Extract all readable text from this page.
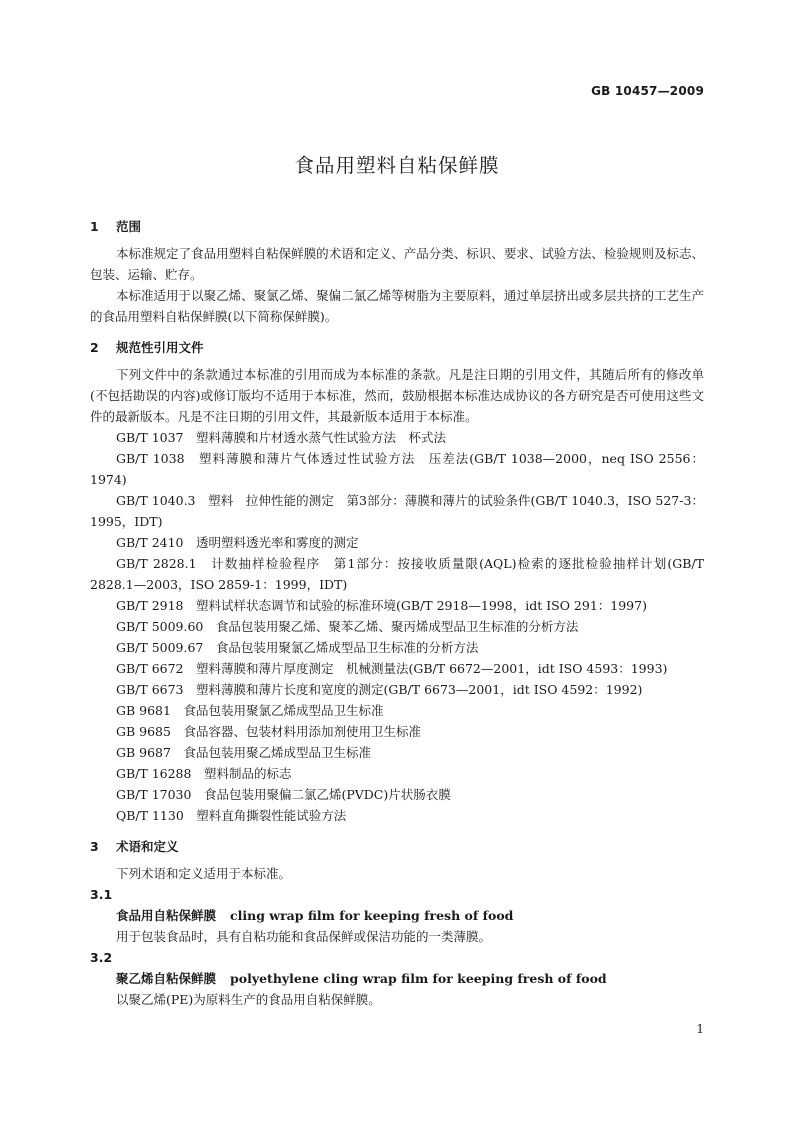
GB 10457—2009
食品用塑料自粘保鲜膜

1 范围

本标准规定了食品用塑料自粘保鲜膜的术语和定义、产品分类、标识、要求、试验方法、检验规则及标志、包装、运输、贮存。

本标准适用于以聚乙烯、聚氯乙烯、聚偏二氯乙烯等树脂为主要原料，通过单层挤出或多层共挤的工艺生产的食品用塑料自粘保鲜膜(以下简称保鲜膜)。

2 规范性引用文件

下列文件中的条款通过本标准的引用而成为本标准的条款。凡是注日期的引用文件，其随后所有的修改单(不包括勘误的内容)或修订版均不适用于本标准，然而，鼓励根据本标准达成协议的各方研究是否可使用这些文件的最新版本。凡是不注日期的引用文件，其最新版本适用于本标准。

GB/T 1037　塑料薄膜和片材透水蒸气性试验方法　杯式法

GB/T 1038　塑料薄膜和薄片气体透过性试验方法　压差法(GB/T 1038—2000，neq ISO 2556：1974)

GB/T 1040.3　塑料　拉伸性能的测定　第3部分：薄膜和薄片的试验条件(GB/T 1040.3，ISO 527-3：1995，IDT)

GB/T 2410　透明塑料透光率和雾度的测定

GB/T 2828.1　计数抽样检验程序　第1部分：按接收质量限(AQL)检索的逐批检验抽样计划(GB/T 2828.1—2003，ISO 2859-1：1999，IDT)

GB/T 2918　塑料试样状态调节和试验的标准环境(GB/T 2918—1998，idt ISO 291：1997)

GB/T 5009.60　食品包装用聚乙烯、聚苯乙烯、聚丙烯成型品卫生标准的分析方法

GB/T 5009.67　食品包装用聚氯乙烯成型品卫生标准的分析方法

GB/T 6672　塑料薄膜和薄片厚度测定　机械测量法(GB/T 6672—2001，idt ISO 4593：1993)

GB/T 6673　塑料薄膜和薄片长度和宽度的测定(GB/T 6673—2001，idt ISO 4592：1992)

GB 9681　食品包装用聚氯乙烯成型品卫生标准

GB 9685　食品容器、包装材料用添加剂使用卫生标准

GB 9687　食品包装用聚乙烯成型品卫生标准

GB/T 16288　塑料制品的标志

GB/T 17030　食品包装用聚偏二氯乙烯(PVDC)片状肠衣膜

QB/T 1130　塑料直角撕裂性能试验方法

3 术语和定义

下列术语和定义适用于本标准。

3.1

食品用自粘保鲜膜 cling wrap film for keeping fresh of food

用于包装食品时，具有自粘功能和食品保鲜或保洁功能的一类薄膜。

3.2

聚乙烯自粘保鲜膜 polyethylene cling wrap film for keeping fresh of food

以聚乙烯(PE)为原料生产的食品用自粘保鲜膜。

1
